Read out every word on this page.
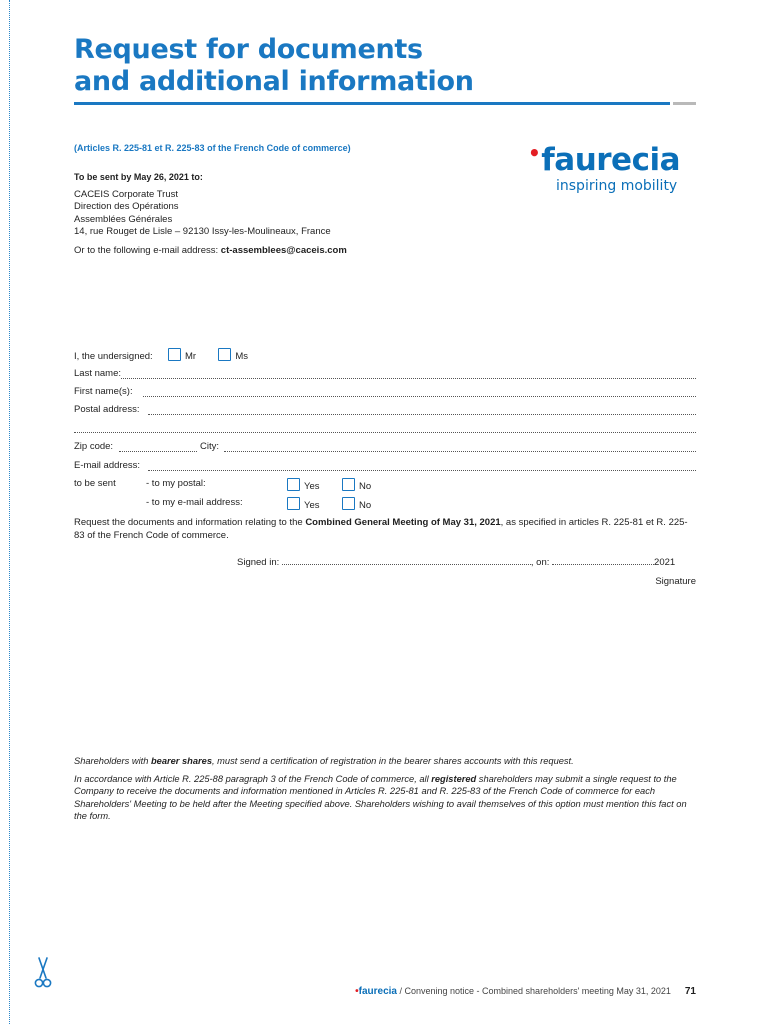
Request for documents
and additional information
(Articles R. 225-81 et R. 225-83 of the French Code of commerce)	•faurecia
inspiring mobility
To be sent by May 26, 2021 to:
CACEIS Corporate Trust
Direction des Opérations
Assemblées Générales
14, rue Rouget de Lisle – 92130 Issy-les-Moulineaux, France
Or to the following e-mail address: ct-assemblees@caceis.com
I, the undersigned:	Mr	Ms
Last name:
First name(s):
Postal address:
Zip code:	City:
E-mail address:
to be sent	- to my postal:	Yes	No
- to my e-mail address:	Yes	No
Request the documents and information relating to the Combined General Meeting of May 31, 2021, as specified in articles R. 225-81 et R. 225-83 of the French Code of commerce.
Signed in:	, on:	2021
Signature

Shareholders with bearer shares, must send a certification of registration in the bearer shares accounts with this request.

In accordance with Article R. 225-88 paragraph 3 of the French Code of commerce, all registered shareholders may submit a single request to the Company to receive the documents and information mentioned in Articles R. 225-81 and R. 225-83 of the French Code of commerce for each Shareholders' Meeting to be held after the Meeting specified above. Shareholders wishing to avail themselves of this option must mention this fact on the form.

•faurecia / Convening notice - Combined shareholders' meeting May 31, 2021 71
